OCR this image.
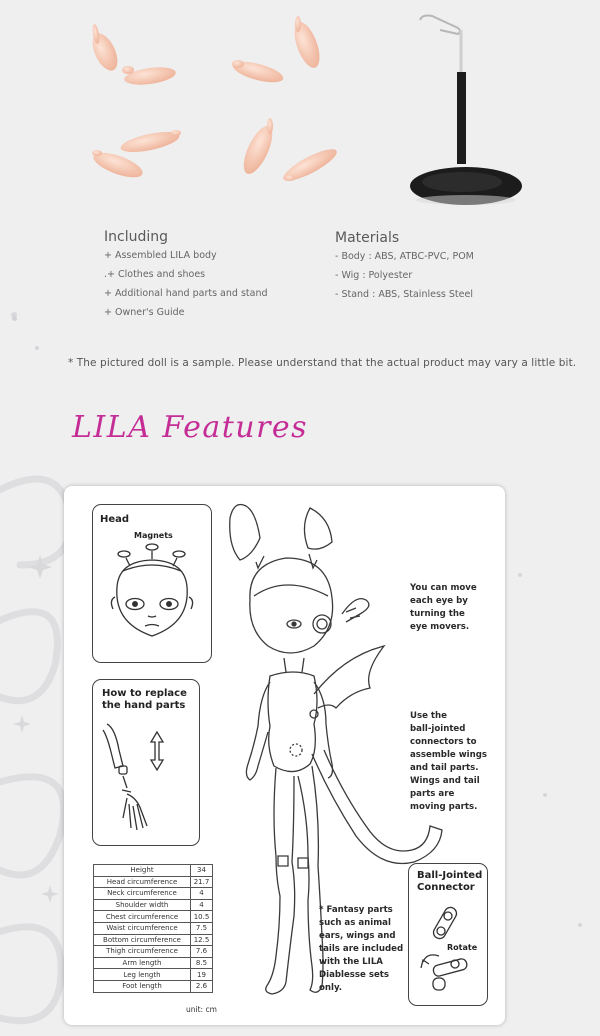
Including
+ Assembled LILA body
.+ Clothes and shoes
+ Additional hand parts and stand
+ Owner's Guide
Materials
- Body : ABS, ATBC-PVC, POM
- Wig : Polyester
- Stand : ABS, Stainless Steel
* The pictured doll is a sample. Please understand that the actual product may vary a little bit.
LILA Features
Head
Magnets
How to replace
the hand parts
You can move
each eye by
turning the
eye movers.
Use the
ball-jointed
connectors to
assemble wings
and tail parts.
Wings and tail
parts are
moving parts.
Ball-Jointed
Connector
Rotate
* Fantasy parts
such as animal
ears, wings and
tails are included
with the LILA
Diablesse sets
only.
Height	34
Head circumference	21.7
Neck circumference	4
Shoulder width	4
Chest circumference	10.5
Waist circumference	7.5
Bottom circumference	12.5
Thigh circumference	7.6
Arm length	8.5
Leg length	19
Foot length	2.6
unit: cm
